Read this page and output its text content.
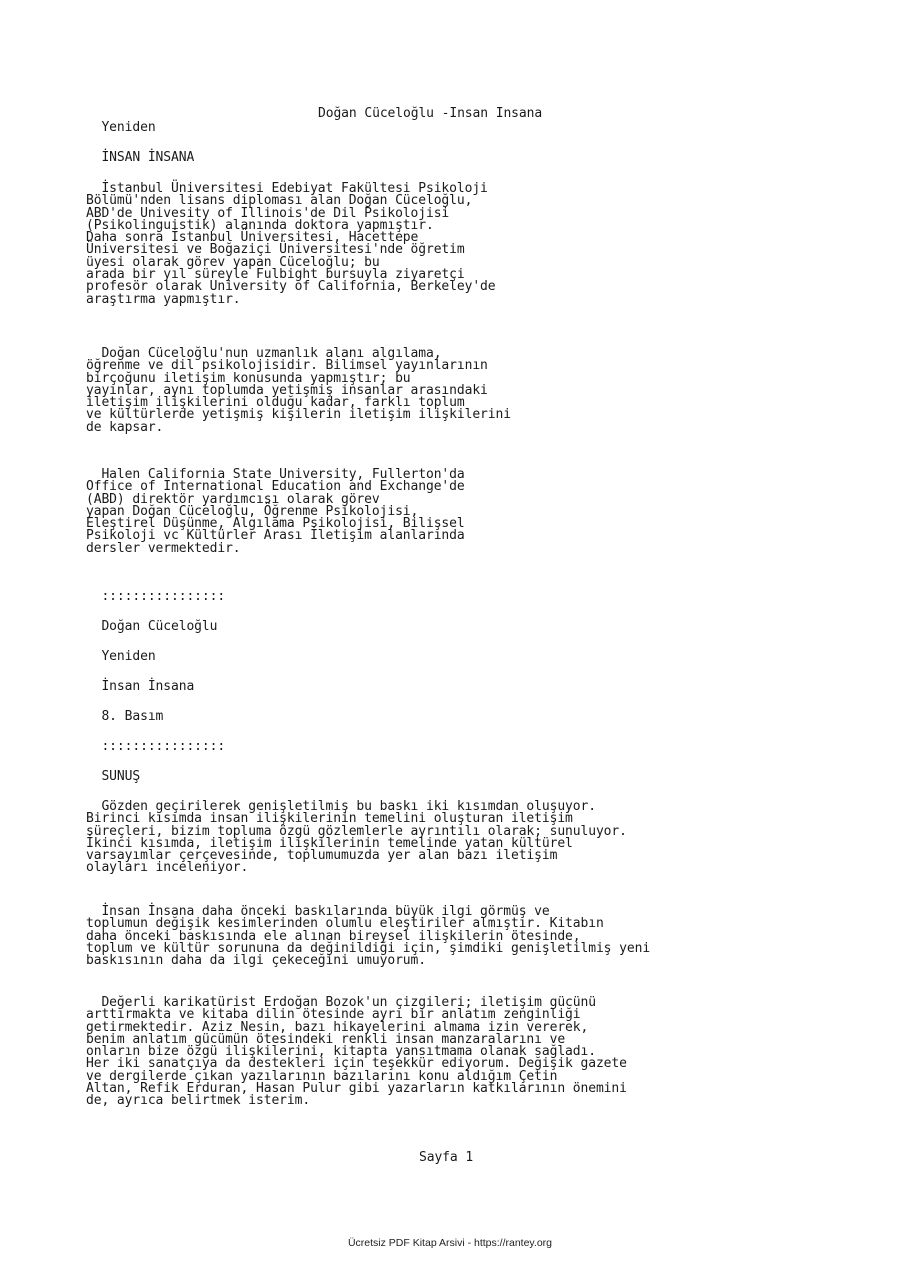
Doğan Cüceloğlu -Insan Insana
Yeniden
İNSAN İNSANA
İstanbul Üniversitesi Edebiyat Fakültesi Psikoloji
Bölümü'nden lisans diploması alan Doğan Cüceloğlu,
ABD'de Univesity of Illinois'de Dil Psikolojisi
(Psikolinguistik) alanında doktora yapmıştır.
Daha sonra İstanbul Üniversitesi, Hacettepe
Üniversitesi ve Boğaziçi Üniversitesi'nde öğretim
üyesi olarak görev yapan Cüceloğlu; bu
arada bir yıl süreyle Fulbight bursuyla ziyaretçi
profesör olarak University of California, Berkeley'de
araştırma yapmıştır.
Doğan Cüceloğlu'nun uzmanlık alanı algılama,
öğrenme ve dil psikolojisidir. Bilimsel yayınlarının
birçoğunu iletişim konusunda yapmıştır; bu
yayınlar, aynı toplumda yetişmiş insanlar arasındaki
iletişim ilişkilerini olduğu kadar, farklı toplum
ve kültürlerde yetişmiş kişilerin iletişim ilişkilerini
de kapsar.
Halen California State University, Fullerton'da
Office of International Education and Exchange'de
(ABD) direktör yardımcısı olarak görev
yapan Doğan Cüceloğlu, Öğrenme Psikolojisi,
Eleştirel Düşünme, Algılama Psikolojisi, Bilişsel
Psikoloji vc Kültürler Arası İletişim alanlarında
dersler vermektedir.
::::::::::::::::
Doğan Cüceloğlu
Yeniden
İnsan İnsana
8. Basım
::::::::::::::::
SUNUŞ
Gözden geçirilerek genişletilmiş bu baskı iki kısımdan oluşuyor.
Birinci kısımda insan ilişkilerinin temelini oluşturan iletişim
süreçleri, bizim topluma özgü gözlemlerle ayrıntılı olarak; sunuluyor.
İkinci kısımda, iletişim ilişkilerinin temelinde yatan kültürel
varsayımlar çerçevesinde, toplumumuzda yer alan bazı iletişim
olayları inceleniyor.
İnsan İnsana daha önceki baskılarında büyük ilgi görmüş ve
toplumun değişik kesimlerinden olumlu eleştiriler almıştır. Kitabın
daha önceki baskısında ele alınan bireysel ilişkilerin ötesinde,
toplum ve kültür sorununa da değinildiği için, şimdiki genişletilmiş yeni
baskısının daha da ilgi çekeceğini umuyorum.
Değerli karikatürist Erdoğan Bozok'un çizgileri; iletişim gücünü
arttırmakta ve kitaba dilin ötesinde ayrı bir anlatım zenginliği
getirmektedir. Aziz Nesin, bazı hikayelerini almama izin vererek,
benim anlatım gücümün ötesindeki renkli insan manzaralarını ve
onların bize özgü ilişkilerini, kitapta yansıtmama olanak sağladı.
Her iki sanatçıya da destekleri için teşekkür ediyorum. Değişik gazete
ve dergilerde çıkan yazılarının bazılarını konu aldığım Çetin
Altan, Refik Erduran, Hasan Pulur gibi yazarların katkılarının önemini
de, ayrıca belirtmek isterim.
Sayfa 1
Ücretsiz PDF Kitap Arsivi - https://rantey.org
